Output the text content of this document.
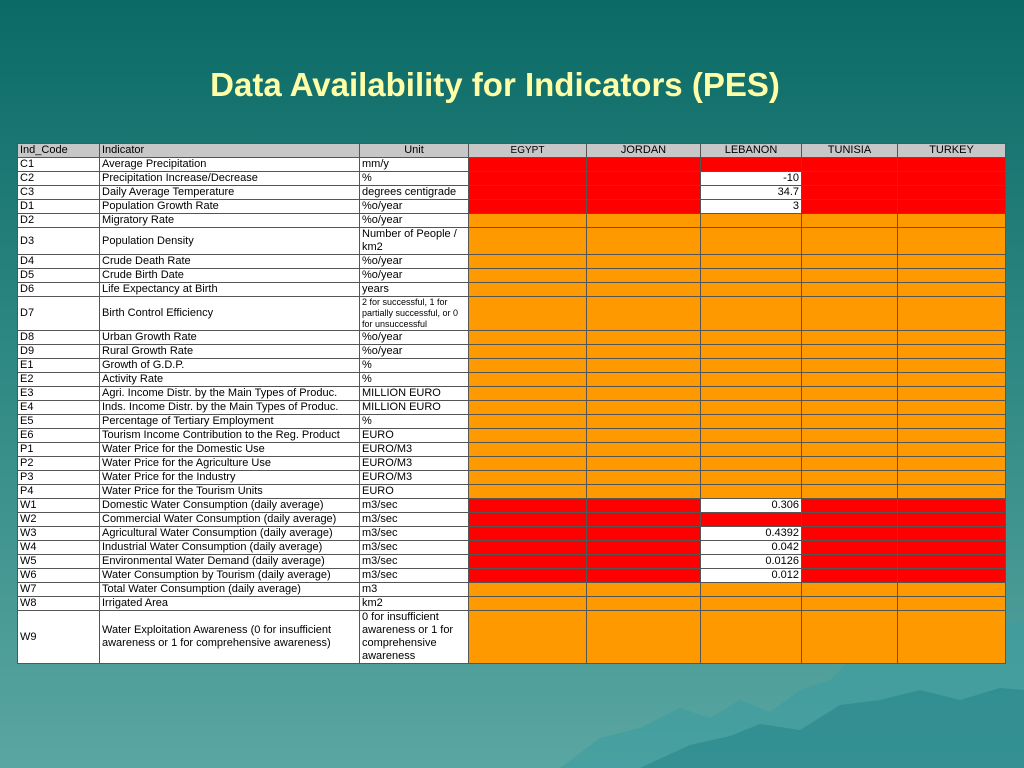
Data Availability for Indicators (PES)
Ind_Code	Indicator	Unit	EGYPT	JORDAN	LEBANON	TUNISIA	TURKEY
C1	Average Precipitation	mm/y					
C2	Precipitation Increase/Decrease	%			-10		
C3	Daily Average Temperature	degrees centigrade			34.7		
D1	Population Growth Rate	%o/year			3		
D2	Migratory Rate	%o/year					
D3	Population Density	Number of People / km2					
D4	Crude Death Rate	%o/year					
D5	Crude Birth Date	%o/year					
D6	Life Expectancy at Birth	years					
D7	Birth Control Efficiency	2 for successful, 1 for partially successful, or 0 for unsuccessful					
D8	Urban Growth Rate	%o/year					
D9	Rural Growth Rate	%o/year					
E1	Growth of G.D.P.	%					
E2	Activity Rate	%					
E3	Agri. Income Distr. by the Main Types of Produc.	MILLION EURO					
E4	Inds. Income Distr. by the Main Types of Produc.	MILLION EURO					
E5	Percentage of Tertiary Employment	%					
E6	Tourism Income Contribution to the Reg. Product	EURO					
P1	Water Price for the Domestic Use	EURO/M3					
P2	Water Price for the Agriculture Use	EURO/M3					
P3	Water Price for the Industry	EURO/M3					
P4	Water Price for the Tourism Units	EURO					
W1	Domestic Water Consumption (daily average)	m3/sec			0.306		
W2	Commercial Water Consumption (daily average)	m3/sec					
W3	Agricultural Water Consumption (daily average)	m3/sec			0.4392		
W4	Industrial Water Consumption (daily average)	m3/sec			0.042		
W5	Environmental Water Demand (daily average)	m3/sec			0.0126		
W6	Water Consumption by Tourism (daily average)	m3/sec			0.012		
W7	Total Water Consumption (daily average)	m3					
W8	Irrigated Area	km2					
W9	Water Exploitation Awareness (0 for insufficient awareness or 1 for comprehensive awareness)	0 for insufficient awareness or 1 for comprehensive awareness					
